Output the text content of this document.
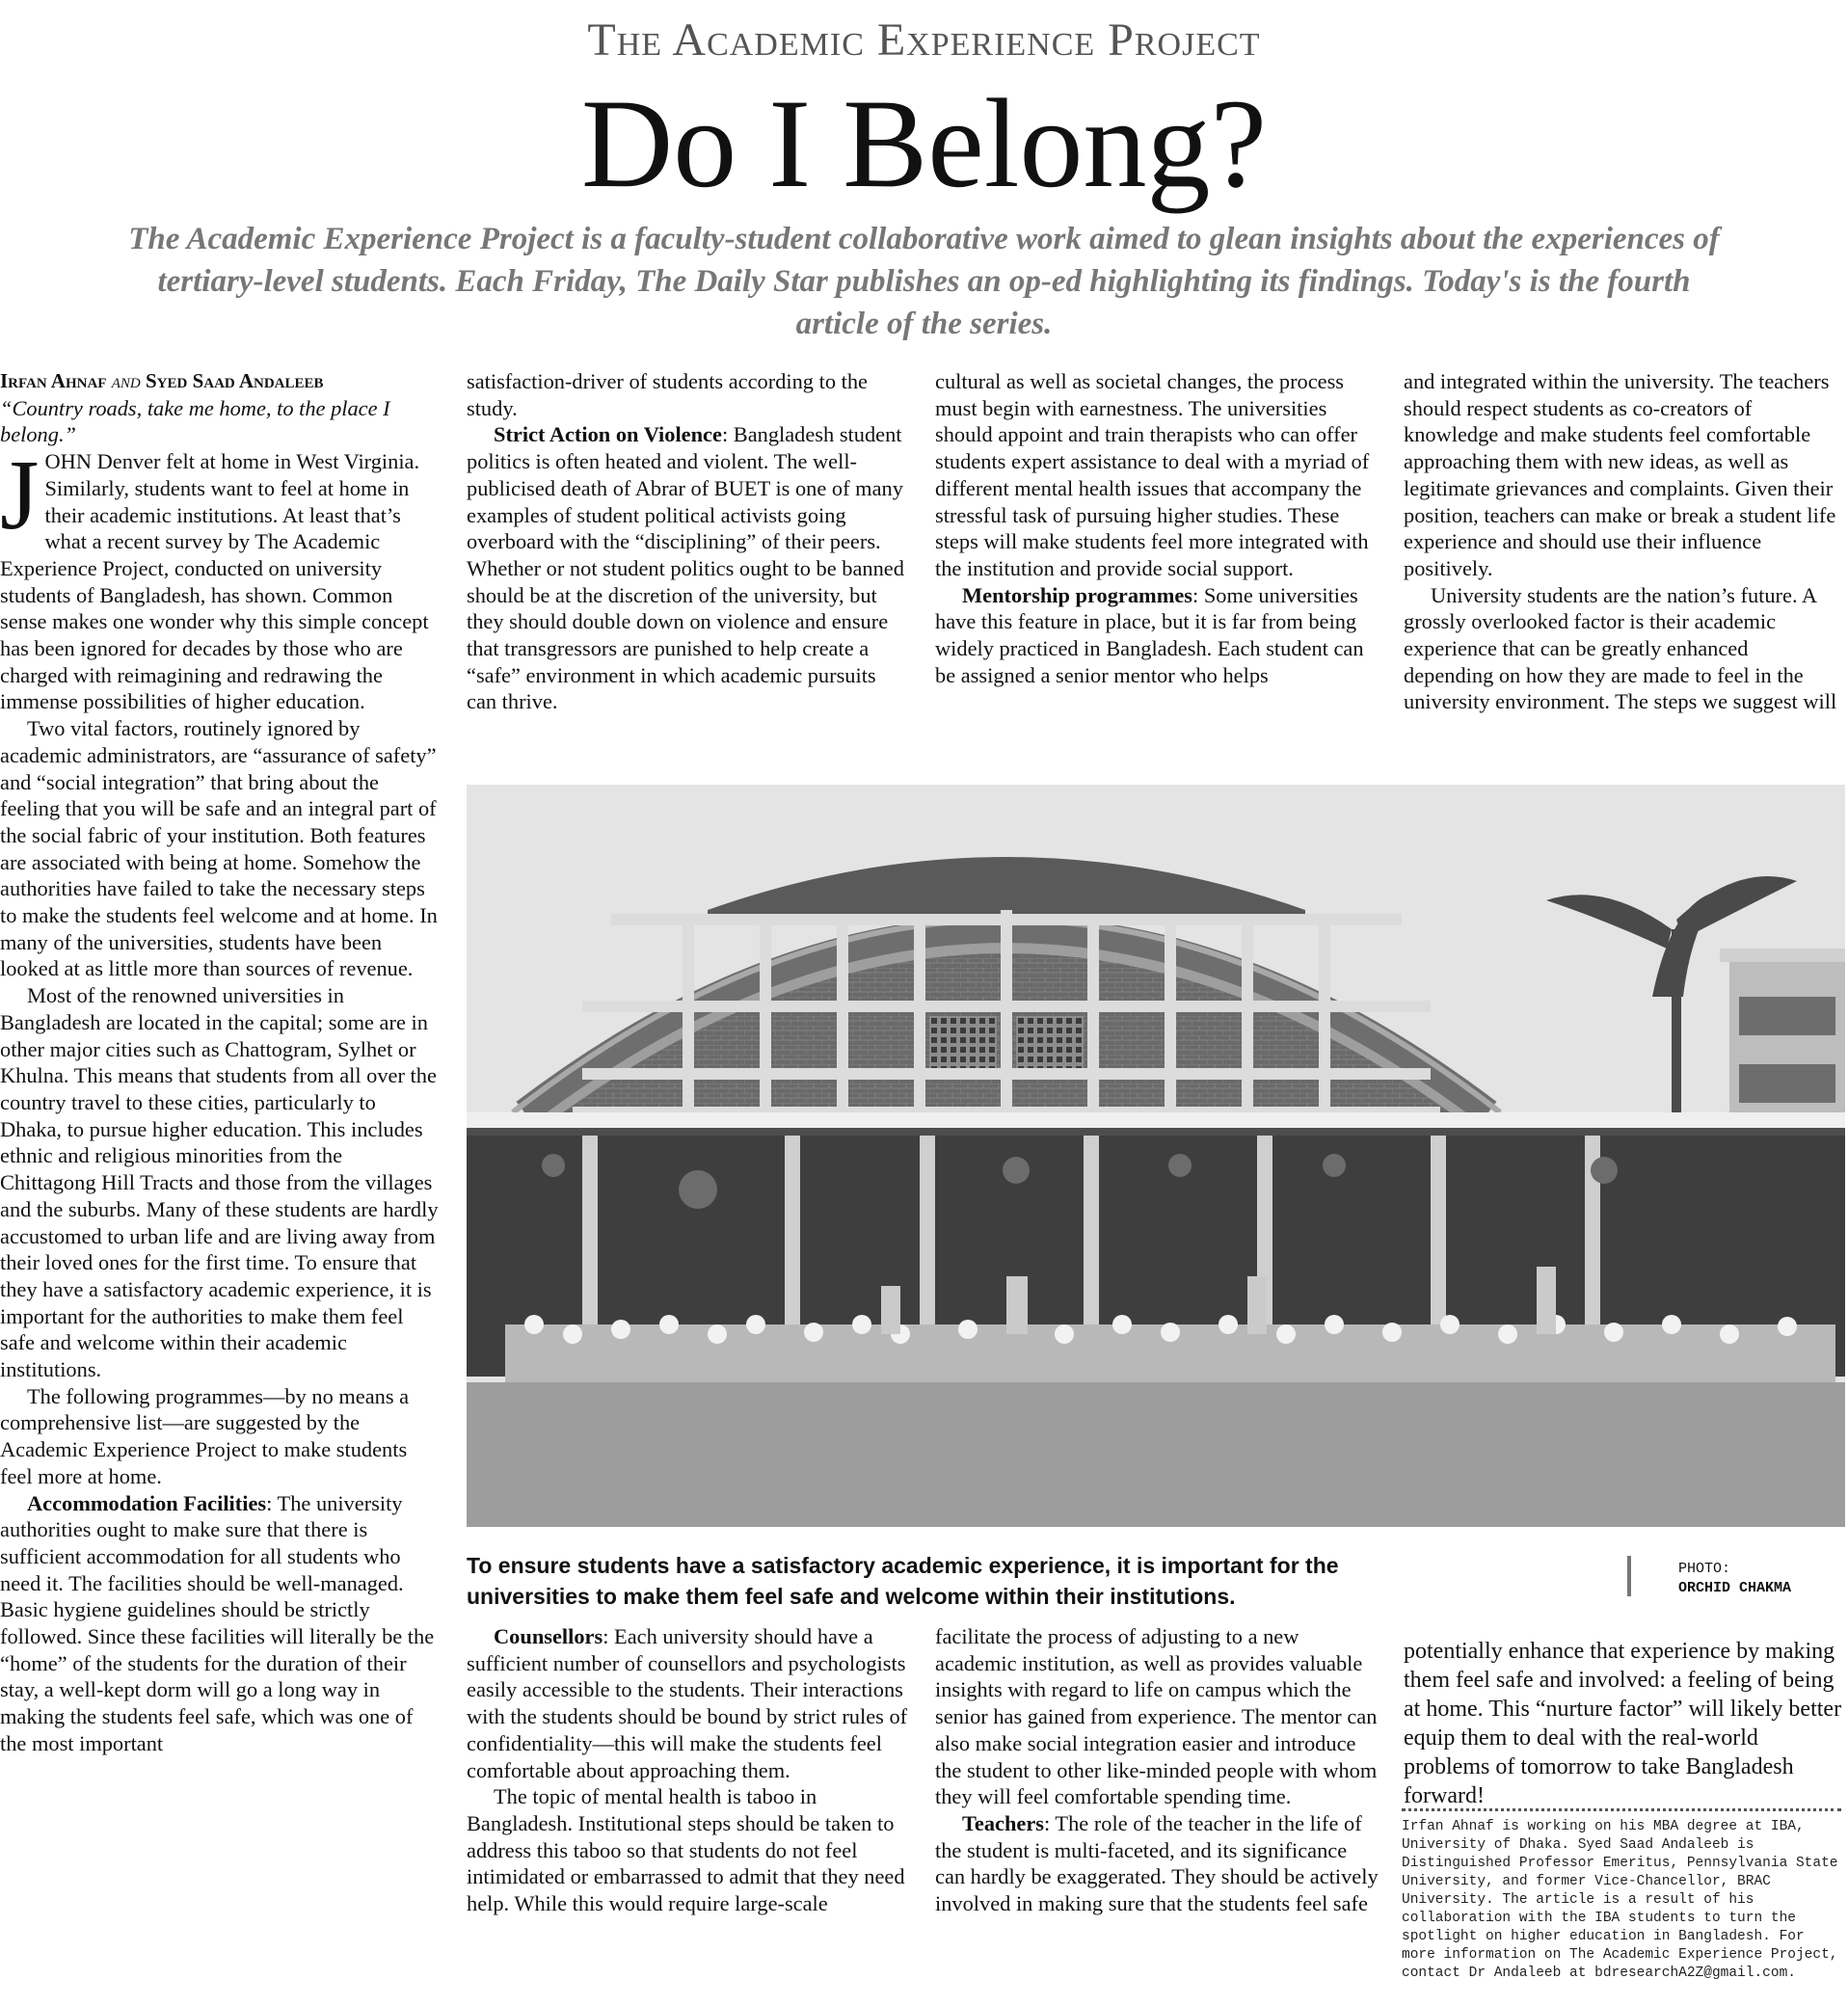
The Academic Experience Project
Do I Belong?
The Academic Experience Project is a faculty-student collaborative work aimed to glean insights about the experiences of tertiary-level students. Each Friday, The Daily Star publishes an op-ed highlighting its findings. Today's is the fourth article of the series.

Irfan Ahnaf and Syed Saad Andaleeb

“Country roads, take me home, to the place I belong.”

JOHN Denver felt at home in West Virginia. Similarly, students want to feel at home in their academic institutions. At least that’s what a recent survey by The Academic Experience Project, conducted on university students of Bangladesh, has shown. Common sense makes one wonder why this simple concept has been ignored for decades by those who are charged with reimagining and redrawing the immense possibilities of higher education.

Two vital factors, routinely ignored by academic administrators, are “assurance of safety” and “social integration” that bring about the feeling that you will be safe and an integral part of the social fabric of your institution. Both features are associated with being at home. Somehow the authorities have failed to take the necessary steps to make the students feel welcome and at home. In many of the universities, students have been looked at as little more than sources of revenue.

Most of the renowned universities in Bangladesh are located in the capital; some are in other major cities such as Chattogram, Sylhet or Khulna. This means that students from all over the country travel to these cities, particularly to Dhaka, to pursue higher education. This includes ethnic and religious minorities from the Chittagong Hill Tracts and those from the villages and the suburbs. Many of these students are hardly accustomed to urban life and are living away from their loved ones for the first time. To ensure that they have a satisfactory academic experience, it is important for the authorities to make them feel safe and welcome within their academic institutions.

The following programmes—by no means a comprehensive list—are suggested by the Academic Experience Project to make students feel more at home.

Accommodation Facilities: The university authorities ought to make sure that there is sufficient accommodation for all students who need it. The facilities should be well-managed. Basic hygiene guidelines should be strictly followed. Since these facilities will literally be the “home” of the students for the duration of their stay, a well-kept dorm will go a long way in making the students feel safe, which was one of the most important

satisfaction-driver of students according to the study.

Strict Action on Violence: Bangladesh student politics is often heated and violent. The well-publicised death of Abrar of BUET is one of many examples of student political activists going overboard with the “disciplining” of their peers. Whether or not student politics ought to be banned should be at the discretion of the university, but they should double down on violence and ensure that transgressors are punished to help create a “safe” environment in which academic pursuits can thrive.

cultural as well as societal changes, the process must begin with earnestness. The universities should appoint and train therapists who can offer students expert assistance to deal with a myriad of different mental health issues that accompany the stressful task of pursuing higher studies. These steps will make students feel more integrated with the institution and provide social support.

Mentorship programmes: Some universities have this feature in place, but it is far from being widely practiced in Bangladesh. Each student can be assigned a senior mentor who helps

and integrated within the university. The teachers should respect students as co-creators of knowledge and make students feel comfortable approaching them with new ideas, as well as legitimate grievances and complaints. Given their position, teachers can make or break a student life experience and should use their influence positively.

University students are the nation’s future. A grossly overlooked factor is their academic experience that can be greatly enhanced depending on how they are made to feel in the university environment. The steps we suggest will

To ensure students have a satisfactory academic experience, it is important for the universities to make them feel safe and welcome within their institutions.
PHOTO:
ORCHID CHAKMA

Counsellors: Each university should have a sufficient number of counsellors and psychologists easily accessible to the students. Their interactions with the students should be bound by strict rules of confidentiality—this will make the students feel comfortable about approaching them.

The topic of mental health is taboo in Bangladesh. Institutional steps should be taken to address this taboo so that students do not feel intimidated or embarrassed to admit that they need help. While this would require large-scale

facilitate the process of adjusting to a new academic institution, as well as provides valuable insights with regard to life on campus which the senior has gained from experience. The mentor can also make social integration easier and introduce the student to other like-minded people with whom they will feel comfortable spending time.

Teachers: The role of the teacher in the life of the student is multi-faceted, and its significance can hardly be exaggerated. They should be actively involved in making sure that the students feel safe

potentially enhance that experience by making them feel safe and involved: a feeling of being at home. This “nurture factor” will likely better equip them to deal with the real-world problems of tomorrow to take Bangladesh forward!

Irfan Ahnaf is working on his MBA degree at IBA, University of Dhaka. Syed Saad Andaleeb is Distinguished Professor Emeritus, Pennsylvania State University, and former Vice-Chancellor, BRAC University. The article is a result of his collaboration with the IBA students to turn the spotlight on higher education in Bangladesh. For more information on The Academic Experience Project, contact Dr Andaleeb at bdresearchA2Z@gmail.com.
